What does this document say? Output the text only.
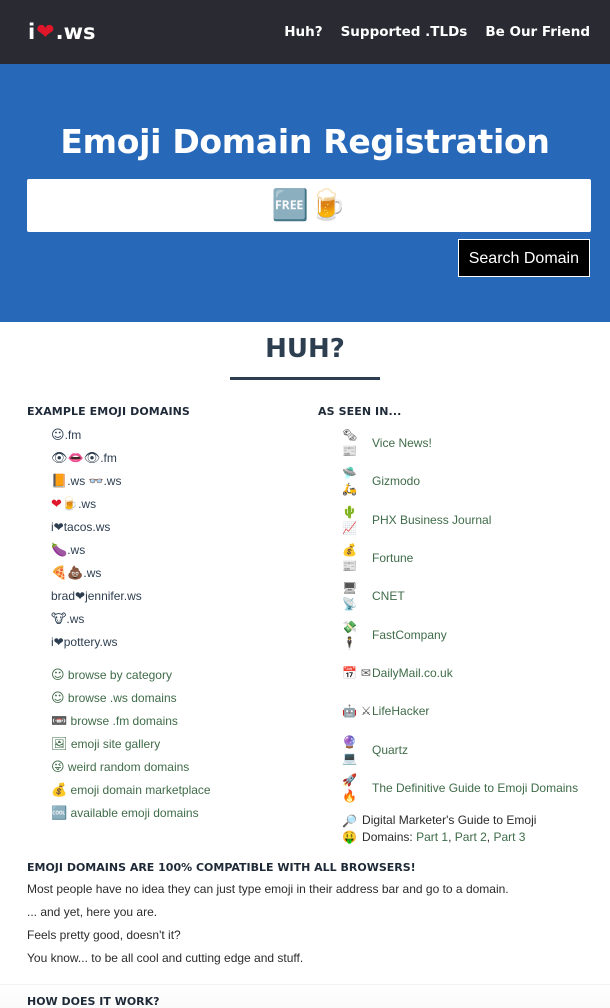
i ❤ .ws	Huh? Supported .TLDs Be Our Friend
Emoji Domain Registration
🆓🍺
Search Domain
HUH?
EXAMPLE EMOJI DOMAINS
☺.fm
👁👄👁.fm
📙.ws 👓.ws
❤🍺.ws
i❤tacos.ws
🍆.ws
🍕💩.ws
brad❤jennifer.ws
🐮.ws
i❤pottery.ws
☺ browse by category
☺ browse .ws domains
📼 browse .fm domains
🖼 emoji site gallery
😜 weird random domains
💰 emoji domain marketplace
🆒 available emoji domains
AS SEEN IN...
🗞 📰
Vice News!
🛸 🛵
Gizmodo
🌵 📈
PHX Business Journal
💰 📰
Fortune
🖥 📡
CNET
💸 🕴
FastCompany
📅 ✉ DailyMail.co.uk
🤖 ⚔ LifeHacker
🔮 💻
Quartz
🚀 🔥
The Definitive Guide to Emoji Domains
🔎 🤑
Digital Marketer's Guide to Emoji Domains: Part 1, Part 2, Part 3
EMOJI DOMAINS ARE 100% COMPATIBLE WITH ALL BROWSERS!

Most people have no idea they can just type emoji in their address bar and go to a domain.

... and yet, here you are.

Feels pretty good, doesn't it?

You know... to be all cool and cutting edge and stuff.

HOW DOES IT WORK?
